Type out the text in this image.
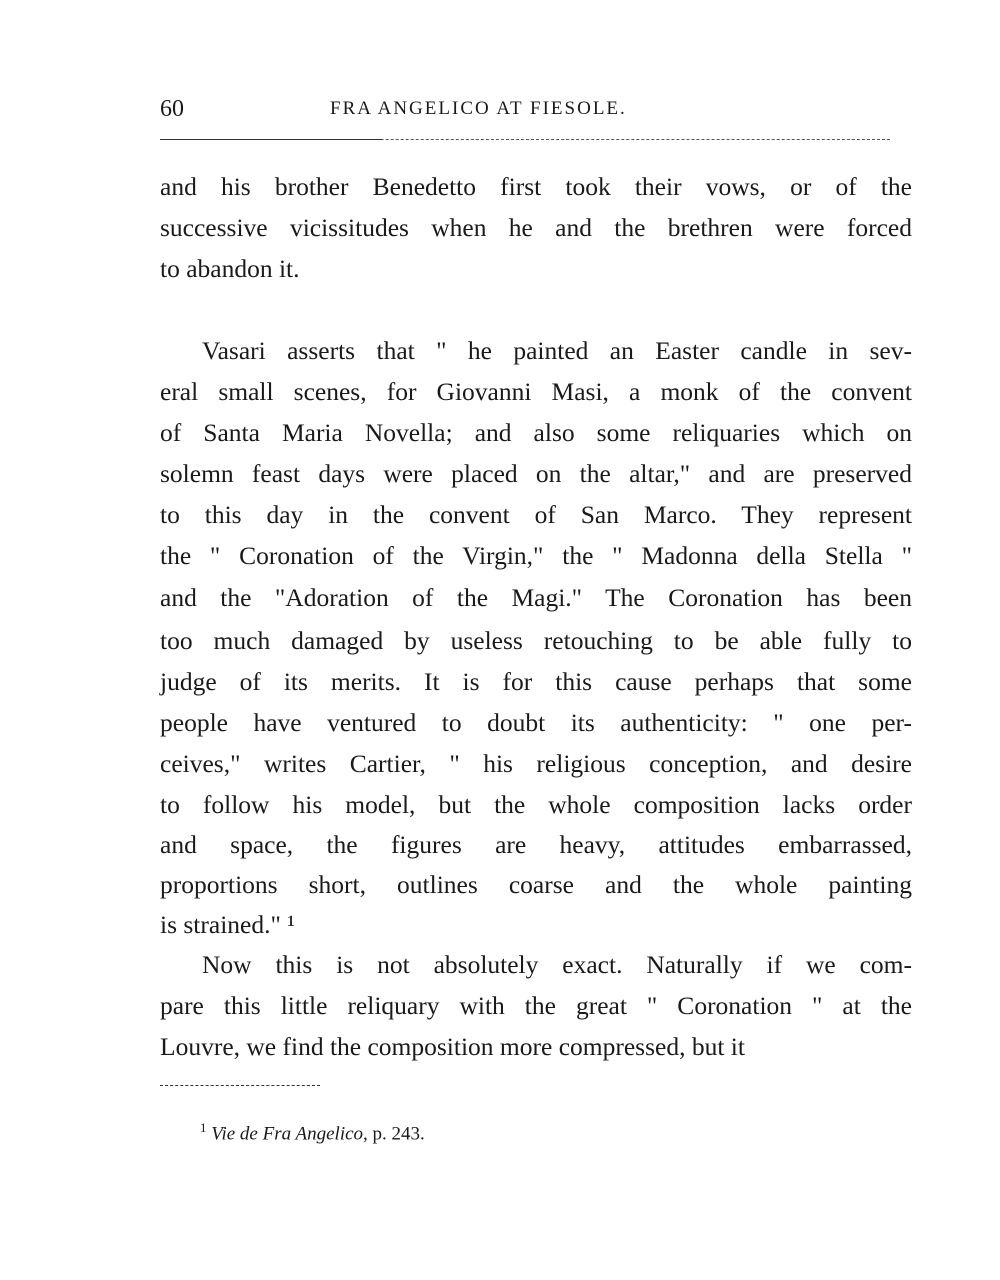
60	FRA ANGELICO AT FIESOLE.
and his brother Benedetto first took their vows, or of the
successive vicissitudes when he and the brethren were forced
to abandon it.
Vasari asserts that " he painted an Easter candle in sev-
eral small scenes, for Giovanni Masi, a monk of the convent
of Santa Maria Novella; and also some reliquaries which on
solemn feast days were placed on the altar," and are preserved
to this day in the convent of San Marco. They represent
the " Coronation of the Virgin," the " Madonna della Stella "
and the "Adoration of the Magi." The Coronation has been
too much damaged by useless retouching to be able fully to
judge of its merits. It is for this cause perhaps that some
people have ventured to doubt its authenticity: " one per-
ceives," writes Cartier, " his religious conception, and desire
to follow his model, but the whole composition lacks order
and space, the figures are heavy, attitudes embarrassed,
proportions short, outlines coarse and the whole painting
is strained." ¹
Now this is not absolutely exact. Naturally if we com-
pare this little reliquary with the great " Coronation " at the
Louvre, we find the composition more compressed, but it
$^1$ Vie de Fra Angelico, p. 243.
